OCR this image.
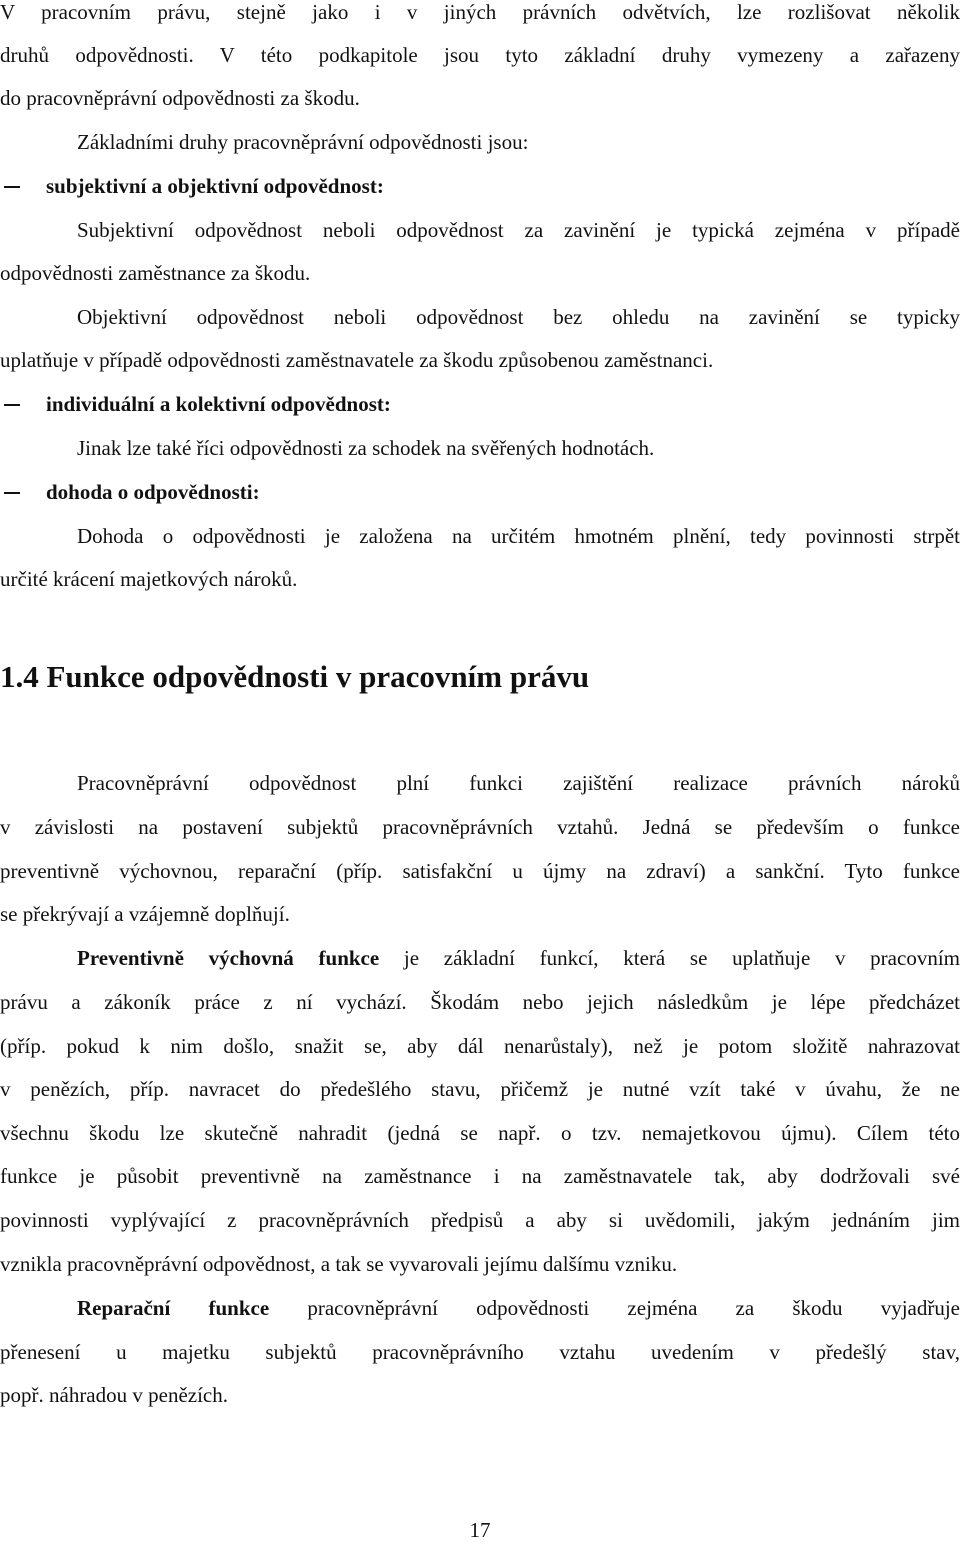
V pracovním právu, stejně jako i v jiných právních odvětvích, lze rozlišovat několik
druhů odpovědnosti. V této podkapitole jsou tyto základní druhy vymezeny a zařazeny
do pracovněprávní odpovědnosti za škodu.
Základními druhy pracovněprávní odpovědnosti jsou:
subjektivní a objektivní odpovědnost:
Subjektivní odpovědnost neboli odpovědnost za zavinění je typická zejména v případě
odpovědnosti zaměstnance za škodu.
Objektivní odpovědnost neboli odpovědnost bez ohledu na zavinění se typicky
uplatňuje v případě odpovědnosti zaměstnavatele za škodu způsobenou zaměstnanci.
individuální a kolektivní odpovědnost:
Jinak lze také říci odpovědnosti za schodek na svěřených hodnotách.
dohoda o odpovědnosti:
Dohoda o odpovědnosti je založena na určitém hmotném plnění, tedy povinnosti strpět
určité krácení majetkových nároků.
1.4 Funkce odpovědnosti v pracovním právu
Pracovněprávní odpovědnost plní funkci zajištění realizace právních nároků
v závislosti na postavení subjektů pracovněprávních vztahů. Jedná se především o funkce
preventivně výchovnou, reparační (příp. satisfakční u újmy na zdraví) a sankční. Tyto funkce
se překrývají a vzájemně doplňují.
Preventivně výchovná funkce je základní funkcí, která se uplatňuje v pracovním
právu a zákoník práce z ní vychází. Škodám nebo jejich následkům je lépe předcházet
(příp. pokud k nim došlo, snažit se, aby dál nenarůstaly), než je potom složitě nahrazovat
v penězích, příp. navracet do předešlého stavu, přičemž je nutné vzít také v úvahu, že ne
všechnu škodu lze skutečně nahradit (jedná se např. o tzv. nemajetkovou újmu). Cílem této
funkce je působit preventivně na zaměstnance i na zaměstnavatele tak, aby dodržovali své
povinnosti vyplývající z pracovněprávních předpisů a aby si uvědomili, jakým jednáním jim
vznikla pracovněprávní odpovědnost, a tak se vyvarovali jejímu dalšímu vzniku.
Reparační funkce pracovněprávní odpovědnosti zejména za škodu vyjadřuje
přenesení u majetku subjektů pracovněprávního vztahu uvedením v předešlý stav,
popř. náhradou v penězích.
17
